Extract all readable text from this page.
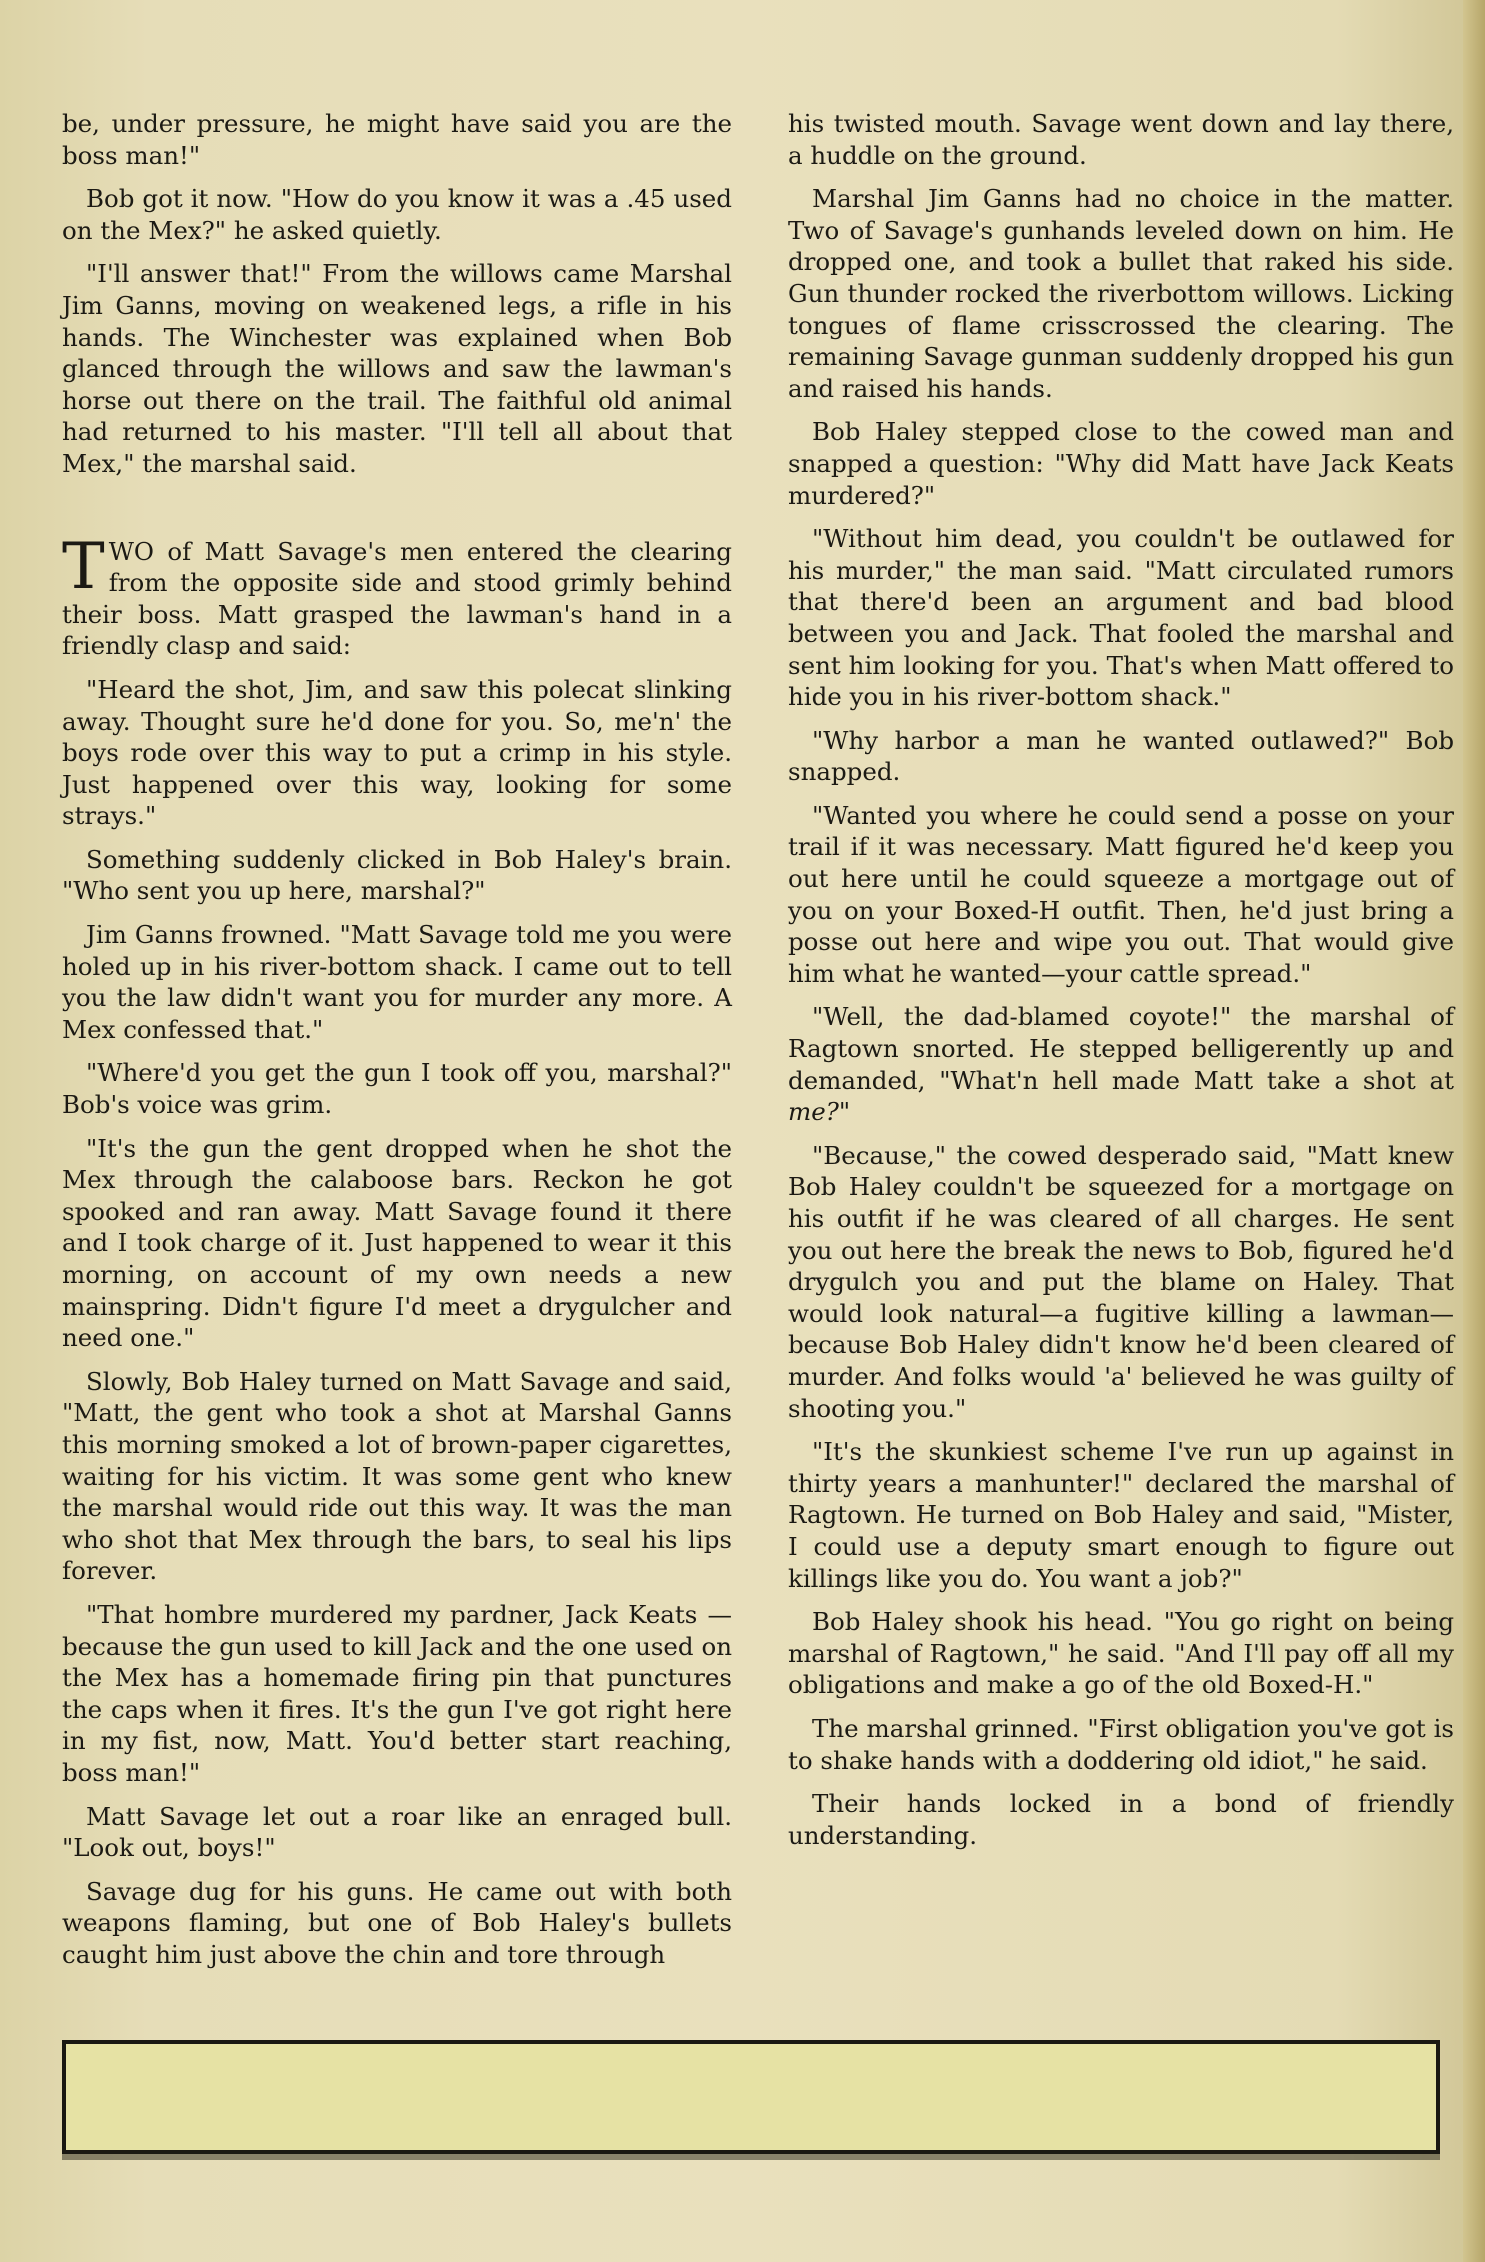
be, under pressure, he might have said you are the boss man!"

Bob got it now. "How do you know it was a .45 used on the Mex?" he asked quietly.

"I'll answer that!" From the willows came Marshal Jim Ganns, moving on weakened legs, a rifle in his hands. The Winchester was explained when Bob glanced through the willows and saw the lawman's horse out there on the trail. The faithful old animal had returned to his master. "I'll tell all about that Mex," the marshal said.

TWO of Matt Savage's men entered the clearing from the opposite side and stood grimly behind their boss. Matt grasped the lawman's hand in a friendly clasp and said:

"Heard the shot, Jim, and saw this polecat slinking away. Thought sure he'd done for you. So, me'n' the boys rode over this way to put a crimp in his style. Just happened over this way, looking for some strays."

Something suddenly clicked in Bob Haley's brain. "Who sent you up here, marshal?"

Jim Ganns frowned. "Matt Savage told me you were holed up in his river-bottom shack. I came out to tell you the law didn't want you for murder any more. A Mex confessed that."

"Where'd you get the gun I took off you, marshal?" Bob's voice was grim.

"It's the gun the gent dropped when he shot the Mex through the calaboose bars. Reckon he got spooked and ran away. Matt Savage found it there and I took charge of it. Just happened to wear it this morning, on account of my own needs a new mainspring. Didn't figure I'd meet a drygulcher and need one."

Slowly, Bob Haley turned on Matt Savage and said, "Matt, the gent who took a shot at Marshal Ganns this morning smoked a lot of brown-paper cigarettes, waiting for his victim. It was some gent who knew the marshal would ride out this way. It was the man who shot that Mex through the bars, to seal his lips forever.

"That hombre murdered my pardner, Jack Keats —because the gun used to kill Jack and the one used on the Mex has a homemade firing pin that punctures the caps when it fires. It's the gun I've got right here in my fist, now, Matt. You'd better start reaching, boss man!"

Matt Savage let out a roar like an enraged bull. "Look out, boys!"

Savage dug for his guns. He came out with both weapons flaming, but one of Bob Haley's bullets caught him just above the chin and tore through

his twisted mouth. Savage went down and lay there, a huddle on the ground.

Marshal Jim Ganns had no choice in the matter. Two of Savage's gunhands leveled down on him. He dropped one, and took a bullet that raked his side. Gun thunder rocked the riverbottom willows. Licking tongues of flame crisscrossed the clearing. The remaining Savage gunman suddenly dropped his gun and raised his hands.

Bob Haley stepped close to the cowed man and snapped a question: "Why did Matt have Jack Keats murdered?"

"Without him dead, you couldn't be outlawed for his murder," the man said. "Matt circulated rumors that there'd been an argument and bad blood between you and Jack. That fooled the marshal and sent him looking for you. That's when Matt offered to hide you in his river-bottom shack."

"Why harbor a man he wanted outlawed?" Bob snapped.

"Wanted you where he could send a posse on your trail if it was necessary. Matt figured he'd keep you out here until he could squeeze a mortgage out of you on your Boxed-H outfit. Then, he'd just bring a posse out here and wipe you out. That would give him what he wanted—your cattle spread."

"Well, the dad-blamed coyote!" the marshal of Ragtown snorted. He stepped belligerently up and demanded, "What'n hell made Matt take a shot at me?"

"Because," the cowed desperado said, "Matt knew Bob Haley couldn't be squeezed for a mortgage on his outfit if he was cleared of all charges. He sent you out here the break the news to Bob, figured he'd drygulch you and put the blame on Haley. That would look natural—a fugitive killing a lawman—because Bob Haley didn't know he'd been cleared of murder. And folks would 'a' believed he was guilty of shooting you."

"It's the skunkiest scheme I've run up against in thirty years a manhunter!" declared the marshal of Ragtown. He turned on Bob Haley and said, "Mister, I could use a deputy smart enough to figure out killings like you do. You want a job?"

Bob Haley shook his head. "You go right on being marshal of Ragtown," he said. "And I'll pay off all my obligations and make a go of the old Boxed-H."

The marshal grinned. "First obligation you've got is to shake hands with a doddering old idiot," he said.

Their hands locked in a bond of friendly understanding.
